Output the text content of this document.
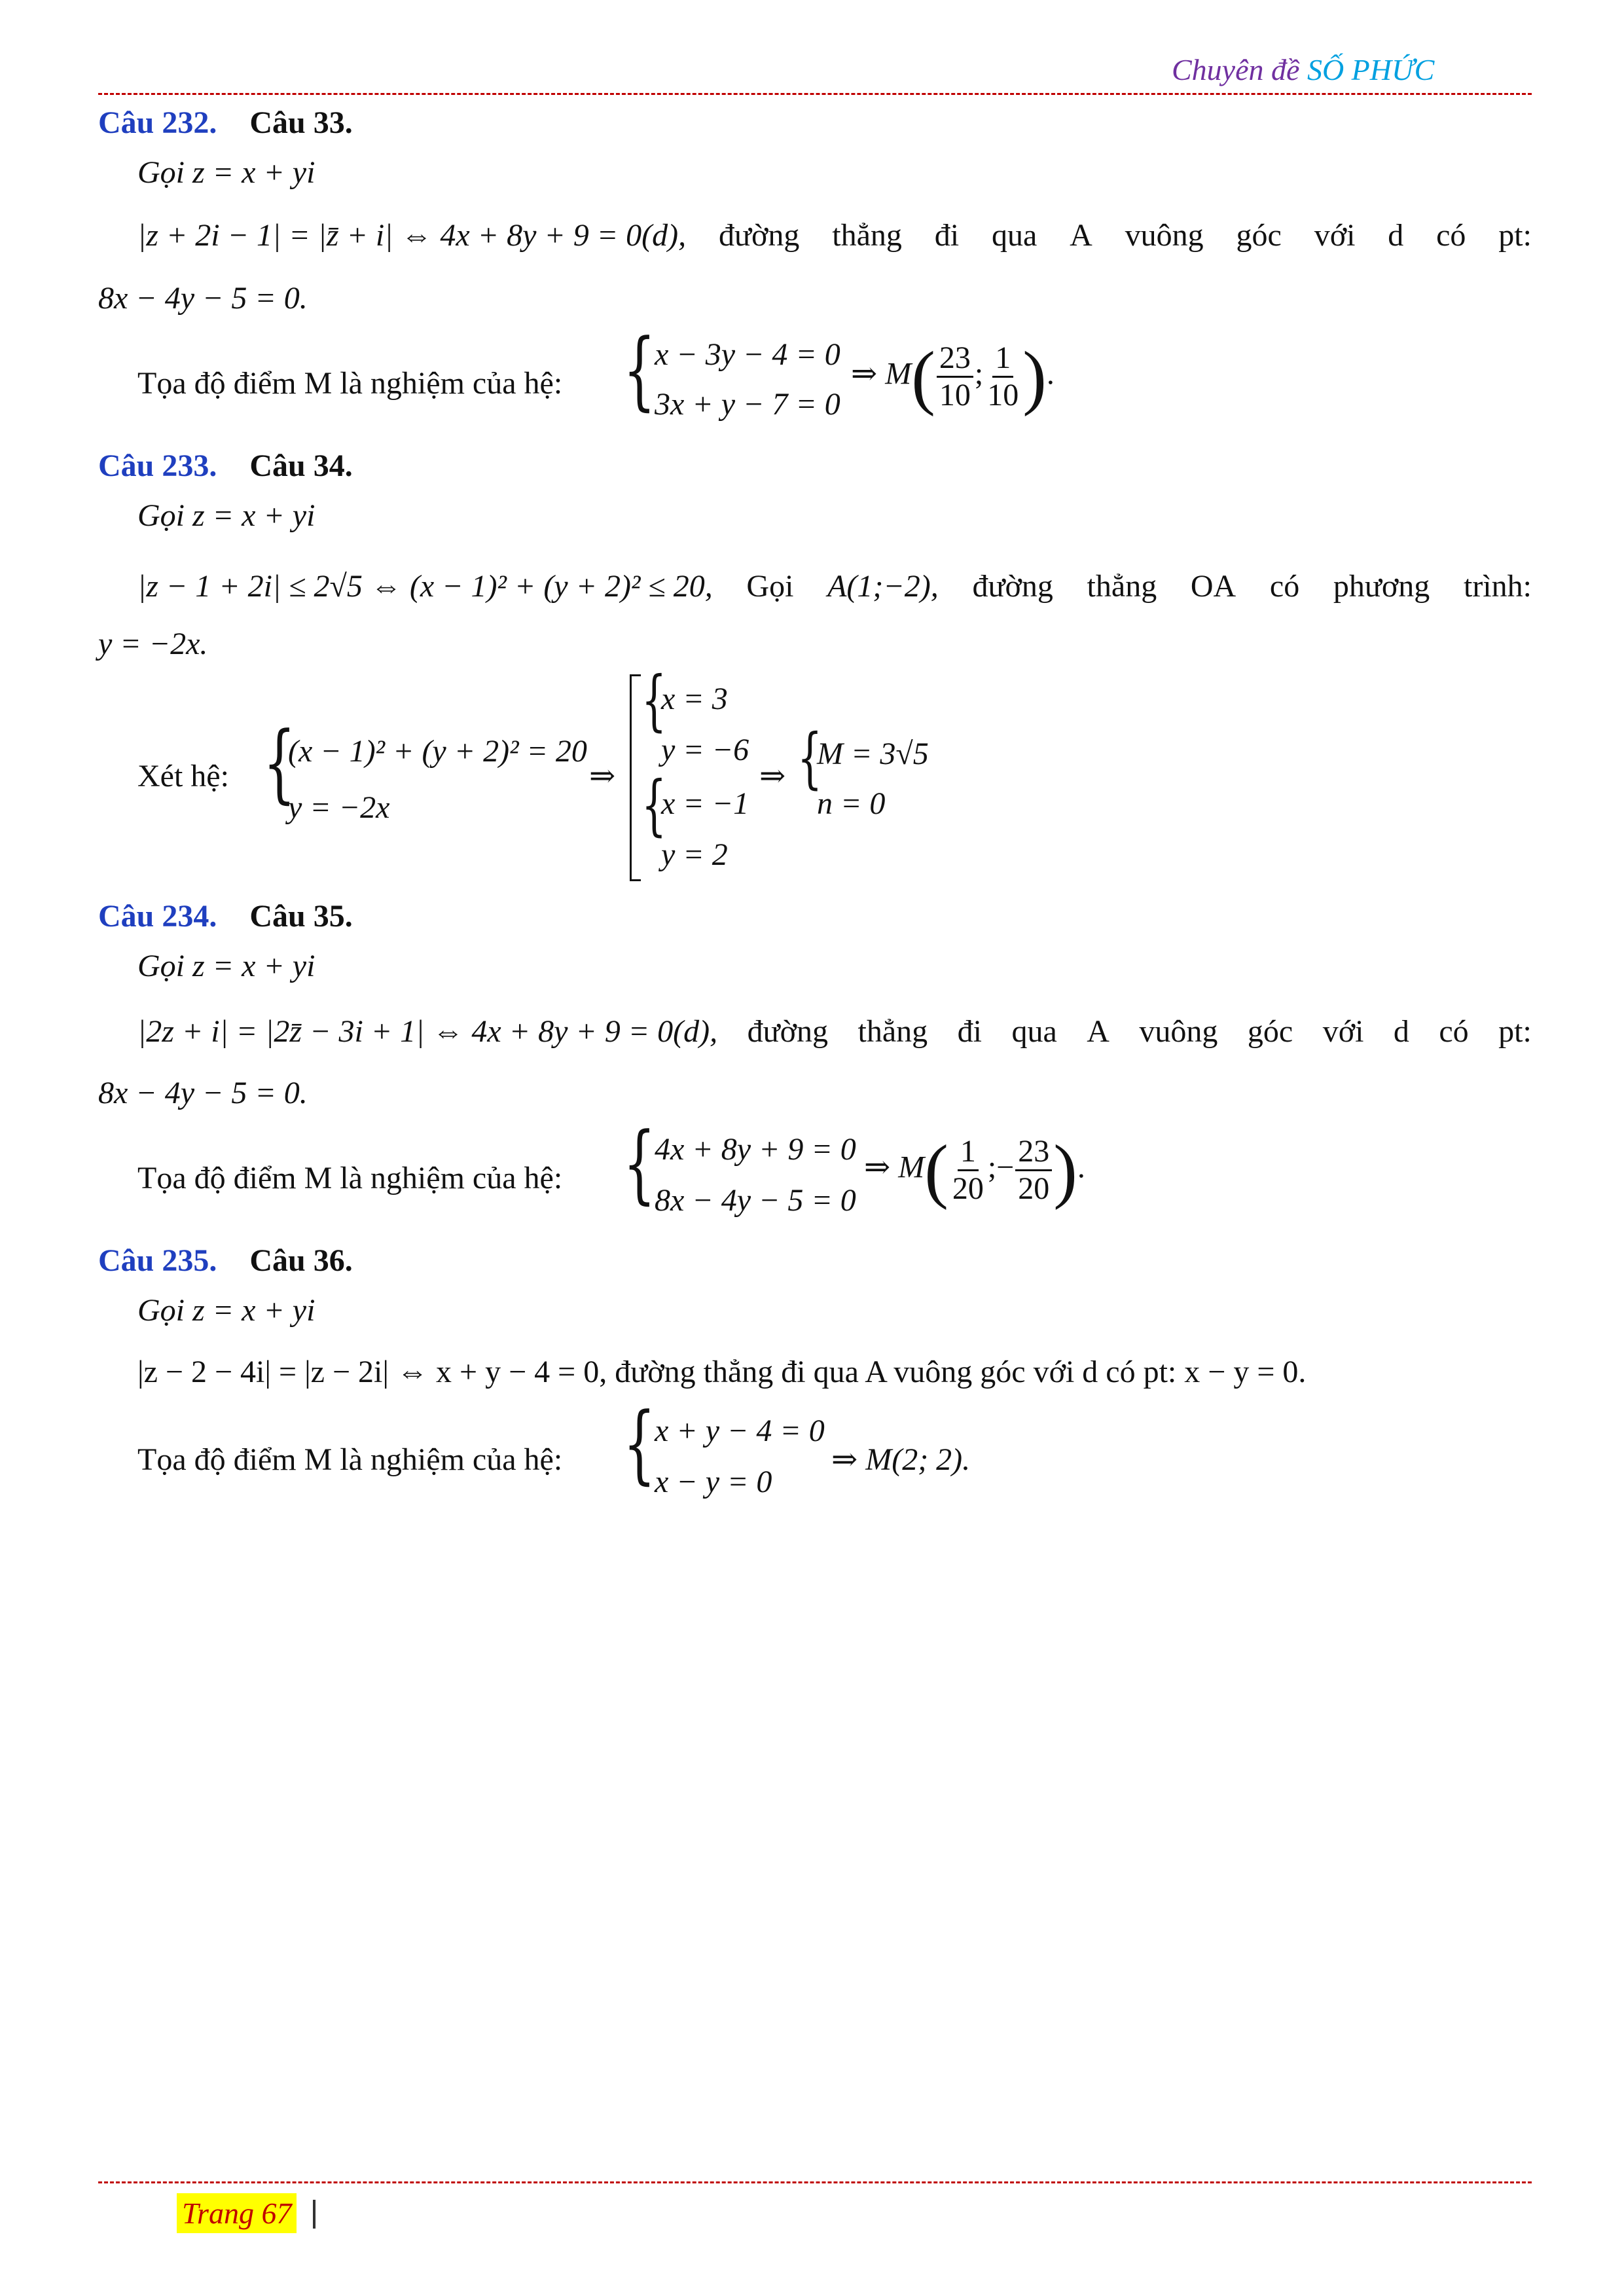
Chuyên đề SỐ PHỨC
Câu 232. Câu 33.
Gọi z = x + yi
|z + 2i − 1| = |z̄ + i| ⇔ 4x + 8y + 9 = 0(d), đường thẳng đi qua A vuông góc với d có pt:
8x − 4y − 5 = 0.
Tọa độ điểm M là nghiệm của hệ: {
x − 3y − 4 = 0
3x + y − 7 = 0
⇒ $M( \frac{23}{10}$ ; $\frac{1}{10}$ ).
Câu 233. Câu 34.
Gọi z = x + yi
|z − 1 + 2i| ≤ 2√5 ⇔ (x − 1)² + (y + 2)² ≤ 20, Gọi A(1;−2), đường thẳng OA có phương trình:
y = −2x.
Xét hệ: {
(x − 1)² + (y + 2)² = 20
y = −2x
⇒
{
x = 3
y = −6
{
x = −1
y = 2
⇒ {
M = 3√5
n = 0
Câu 234. Câu 35.
Gọi z = x + yi
|2z + i| = |2z̄ − 3i + 1| ⇔ 4x + 8y + 9 = 0(d), đường thẳng đi qua A vuông góc với d có pt:
8x − 4y − 5 = 0.
Tọa độ điểm M là nghiệm của hệ: {
4x + 8y + 9 = 0
8x − 4y − 5 = 0
⇒ $M( \frac{1}{20}$ ;− $\frac{23}{20}$ ).
Câu 235. Câu 36.
Gọi z = x + yi
|z − 2 − 4i| = |z − 2i| ⇔ x + y − 4 = 0, đường thẳng đi qua A vuông góc với d có pt: x − y = 0.
Tọa độ điểm M là nghiệm của hệ: {
x + y − 4 = 0
x − y = 0
⇒ M(2; 2).
Trang 67
